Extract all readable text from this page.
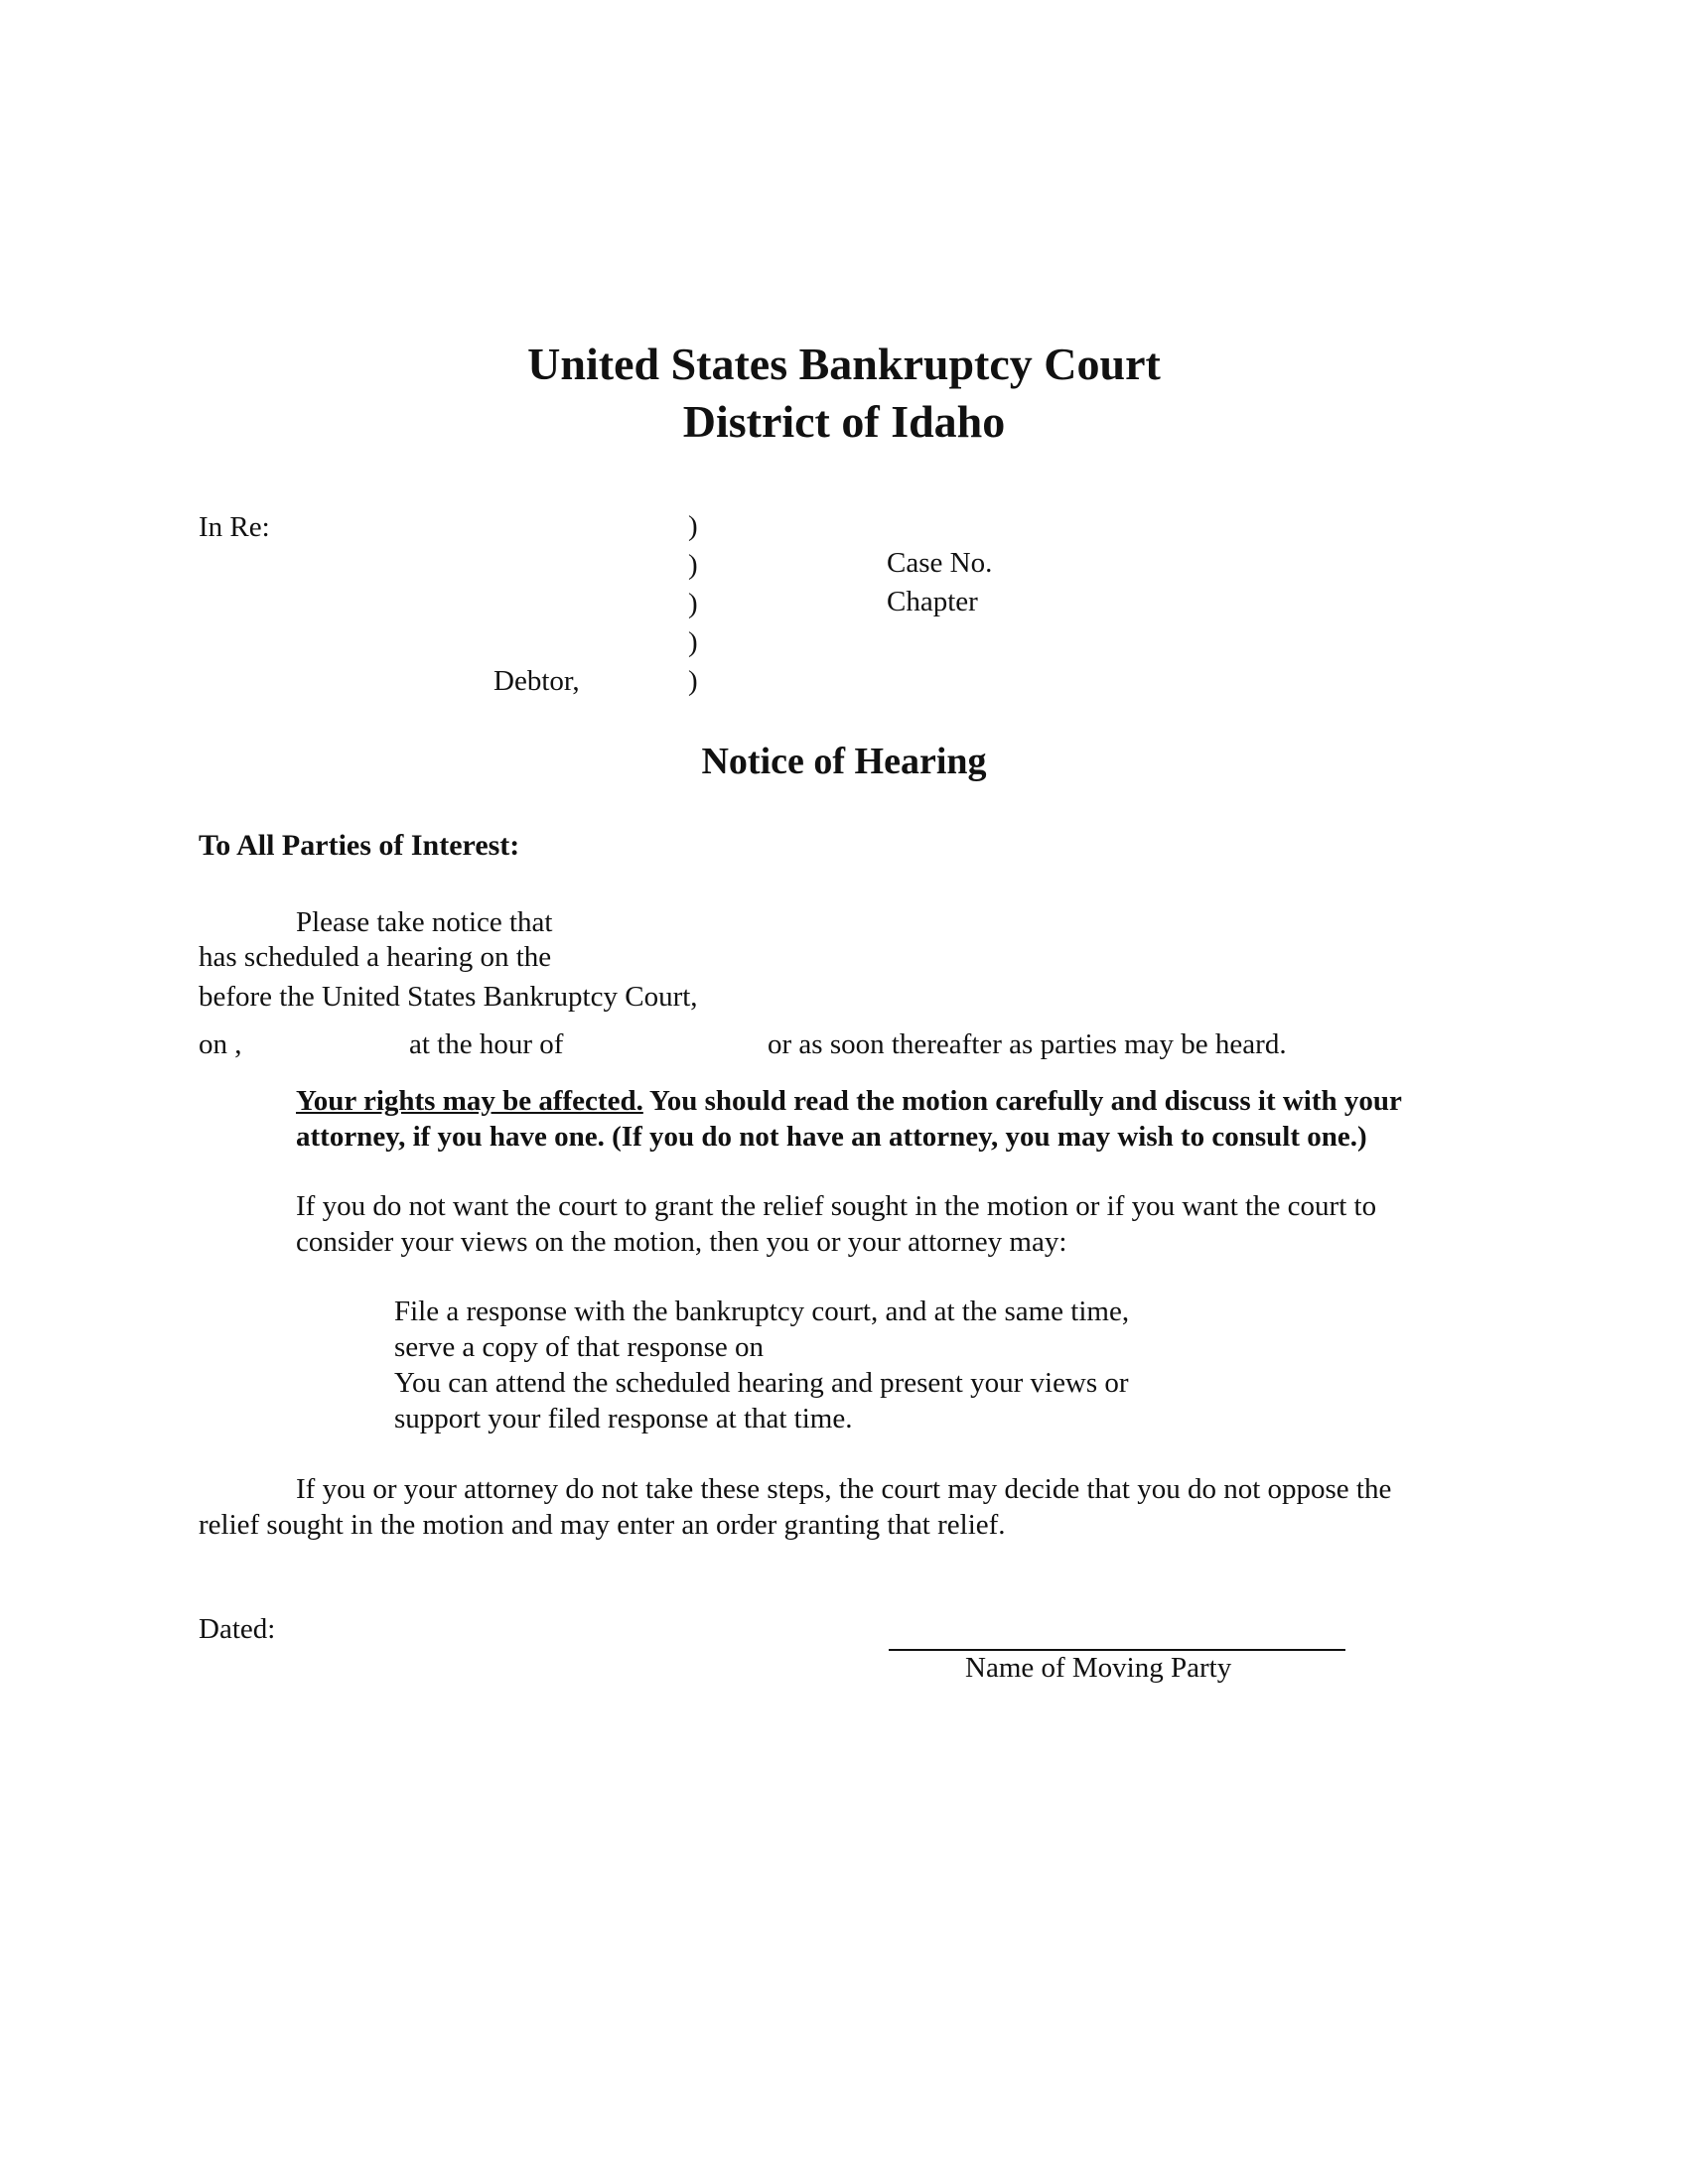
United States Bankruptcy Court
District of Idaho
In Re:
Debtor,
)
)
)
)
)
Case No.
Chapter
Notice of Hearing
To All Parties of Interest:
Please take notice that
has scheduled a hearing on the
before the United States Bankruptcy Court,
on ,	at the hour of	or as soon thereafter as parties may be heard.
Your rights may be affected. You should read the motion carefully and discuss it with your
attorney, if you have one. (If you do not have an attorney, you may wish to consult one.)
If you do not want the court to grant the relief sought in the motion or if you want the court to
consider your views on the motion, then you or your attorney may:
File a response with the bankruptcy court, and at the same time,
serve a copy of that response on
You can attend the scheduled hearing and present your views or
support your filed response at that time.
If you or your attorney do not take these steps, the court may decide that you do not oppose the
relief sought in the motion and may enter an order granting that relief.
Dated:
Name of Moving Party
